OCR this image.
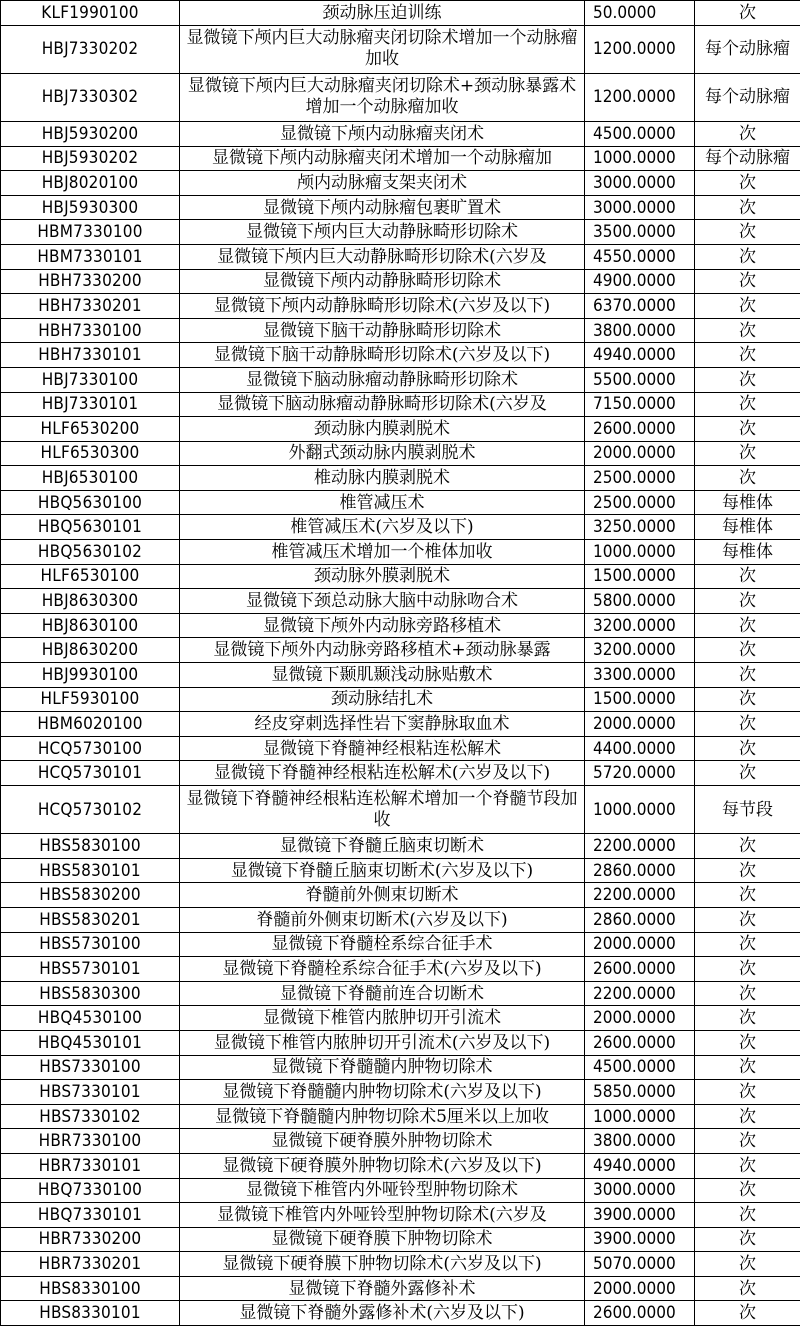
KLF1990100	颈动脉压迫训练	50.0000	次
HBJ7330202	显微镜下颅内巨大动脉瘤夹闭切除术增加一个动脉瘤加收	1200.0000	每个动脉瘤
HBJ7330302	显微镜下颅内巨大动脉瘤夹闭切除术+颈动脉暴露术增加一个动脉瘤加收	1200.0000	每个动脉瘤
HBJ5930200	显微镜下颅内动脉瘤夹闭术	4500.0000	次
HBJ5930202	显微镜下颅内动脉瘤夹闭术增加一个动脉瘤加	1000.0000	每个动脉瘤
HBJ8020100	颅内动脉瘤支架夹闭术	3000.0000	次
HBJ5930300	显微镜下颅内动脉瘤包裹旷置术	3000.0000	次
HBM7330100	显微镜下颅内巨大动静脉畸形切除术	3500.0000	次
HBM7330101	显微镜下颅内巨大动静脉畸形切除术(六岁及	4550.0000	次
HBH7330200	显微镜下颅内动静脉畸形切除术	4900.0000	次
HBH7330201	显微镜下颅内动静脉畸形切除术(六岁及以下)	6370.0000	次
HBH7330100	显微镜下脑干动静脉畸形切除术	3800.0000	次
HBH7330101	显微镜下脑干动静脉畸形切除术(六岁及以下)	4940.0000	次
HBJ7330100	显微镜下脑动脉瘤动静脉畸形切除术	5500.0000	次
HBJ7330101	显微镜下脑动脉瘤动静脉畸形切除术(六岁及	7150.0000	次
HLF6530200	颈动脉内膜剥脱术	2600.0000	次
HLF6530300	外翻式颈动脉内膜剥脱术	2000.0000	次
HBJ6530100	椎动脉内膜剥脱术	2500.0000	次
HBQ5630100	椎管减压术	2500.0000	每椎体
HBQ5630101	椎管减压术(六岁及以下)	3250.0000	每椎体
HBQ5630102	椎管减压术增加一个椎体加收	1000.0000	每椎体
HLF6530100	颈动脉外膜剥脱术	1500.0000	次
HBJ8630300	显微镜下颈总动脉大脑中动脉吻合术	5800.0000	次
HBJ8630100	显微镜下颅外内动脉旁路移植术	3200.0000	次
HBJ8630200	显微镜下颅外内动脉旁路移植术+颈动脉暴露	3200.0000	次
HBJ9930100	显微镜下颞肌颞浅动脉贴敷术	3300.0000	次
HLF5930100	颈动脉结扎术	1500.0000	次
HBM6020100	经皮穿刺选择性岩下窦静脉取血术	2000.0000	次
HCQ5730100	显微镜下脊髓神经根粘连松解术	4400.0000	次
HCQ5730101	显微镜下脊髓神经根粘连松解术(六岁及以下)	5720.0000	次
HCQ5730102	显微镜下脊髓神经根粘连松解术增加一个脊髓节段加收	1000.0000	每节段
HBS5830100	显微镜下脊髓丘脑束切断术	2200.0000	次
HBS5830101	显微镜下脊髓丘脑束切断术(六岁及以下)	2860.0000	次
HBS5830200	脊髓前外侧束切断术	2200.0000	次
HBS5830201	脊髓前外侧束切断术(六岁及以下)	2860.0000	次
HBS5730100	显微镜下脊髓栓系综合征手术	2000.0000	次
HBS5730101	显微镜下脊髓栓系综合征手术(六岁及以下)	2600.0000	次
HBS5830300	显微镜下脊髓前连合切断术	2200.0000	次
HBQ4530100	显微镜下椎管内脓肿切开引流术	2000.0000	次
HBQ4530101	显微镜下椎管内脓肿切开引流术(六岁及以下)	2600.0000	次
HBS7330100	显微镜下脊髓髓内肿物切除术	4500.0000	次
HBS7330101	显微镜下脊髓髓内肿物切除术(六岁及以下)	5850.0000	次
HBS7330102	显微镜下脊髓髓内肿物切除术5厘米以上加收	1000.0000	次
HBR7330100	显微镜下硬脊膜外肿物切除术	3800.0000	次
HBR7330101	显微镜下硬脊膜外肿物切除术(六岁及以下)	4940.0000	次
HBQ7330100	显微镜下椎管内外哑铃型肿物切除术	3000.0000	次
HBQ7330101	显微镜下椎管内外哑铃型肿物切除术(六岁及	3900.0000	次
HBR7330200	显微镜下硬脊膜下肿物切除术	3900.0000	次
HBR7330201	显微镜下硬脊膜下肿物切除术(六岁及以下)	5070.0000	次
HBS8330100	显微镜下脊髓外露修补术	2000.0000	次
HBS8330101	显微镜下脊髓外露修补术(六岁及以下)	2600.0000	次
